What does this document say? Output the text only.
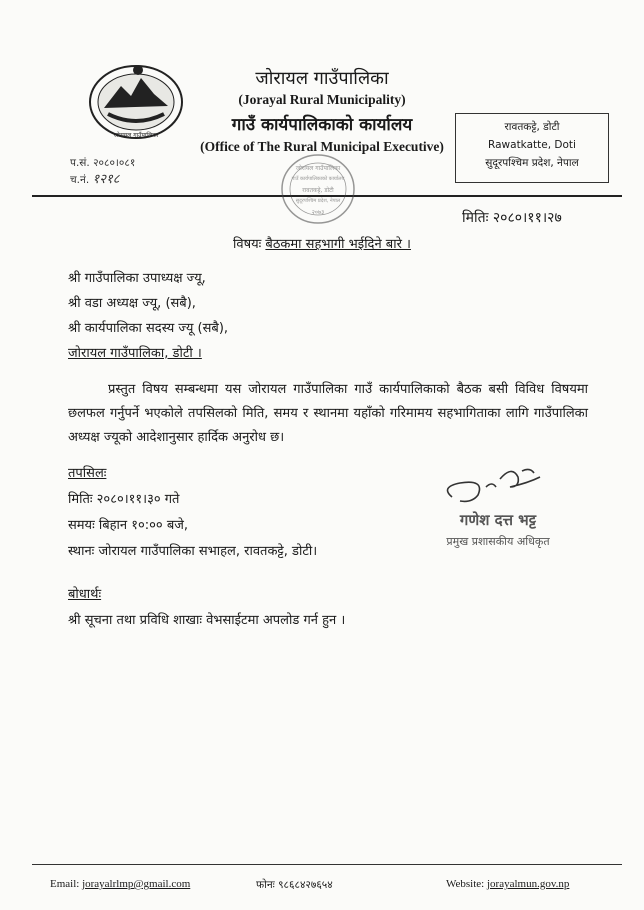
जोरायल गाउँपालिका
जोरायल गाउँपालिका
(Jorayal Rural Municipality)
गाउँ कार्यपालिकाको कार्यालय
(Office of The Rural Municipal Executive)
रावतकट्टे, डोटी
Rawatkatte, Doti
सुदूरपश्चिम प्रदेश, नेपाल
प.सं. २०८०।०८१
च.नं. १२१८
जोरायल गाउँपालिका
गाउँ कार्यपालिकाको कार्यालय
रावतकट्टे, डोटी
सुदूरपश्चिम प्रदेश, नेपाल
२०७३	मितिः २०८०।११।२७
विषयः बैठकमा सहभागी भईदिने बारे ।
श्री गाउँपालिका उपाध्यक्ष ज्यू,
श्री वडा अध्यक्ष ज्यू, (सबै),
श्री कार्यपालिका सदस्य ज्यू (सबै),
जोरायल गाउँपालिका, डोटी ।
प्रस्तुत विषय सम्बन्धमा यस जोरायल गाउँपालिका गाउँ कार्यपालिकाको बैठक बसी विविध विषयमा छलफल गर्नुपर्ने भएकोले तपसिलको मिति, समय र स्थानमा यहाँको गरिमामय सहभागिताका लागि गाउँपालिका अध्यक्ष ज्यूको आदेशानुसार हार्दिक अनुरोध छ।
तपसिलः
मितिः २०८०।११।३० गते
समयः बिहान १०:०० बजे,
स्थानः जोरायल गाउँपालिका सभाहल, रावतकट्टे, डोटी।
गणेश दत्त भट्ट
प्रमुख प्रशासकीय अधिकृत
बोधार्थः
श्री सूचना तथा प्रविधि शाखाः वेभसाईटमा अपलोड गर्न हुन ।
Email: jorayalrlmp@gmail.com	फोनः ९८६८४२७६५४	Website: jorayalmun.gov.np
